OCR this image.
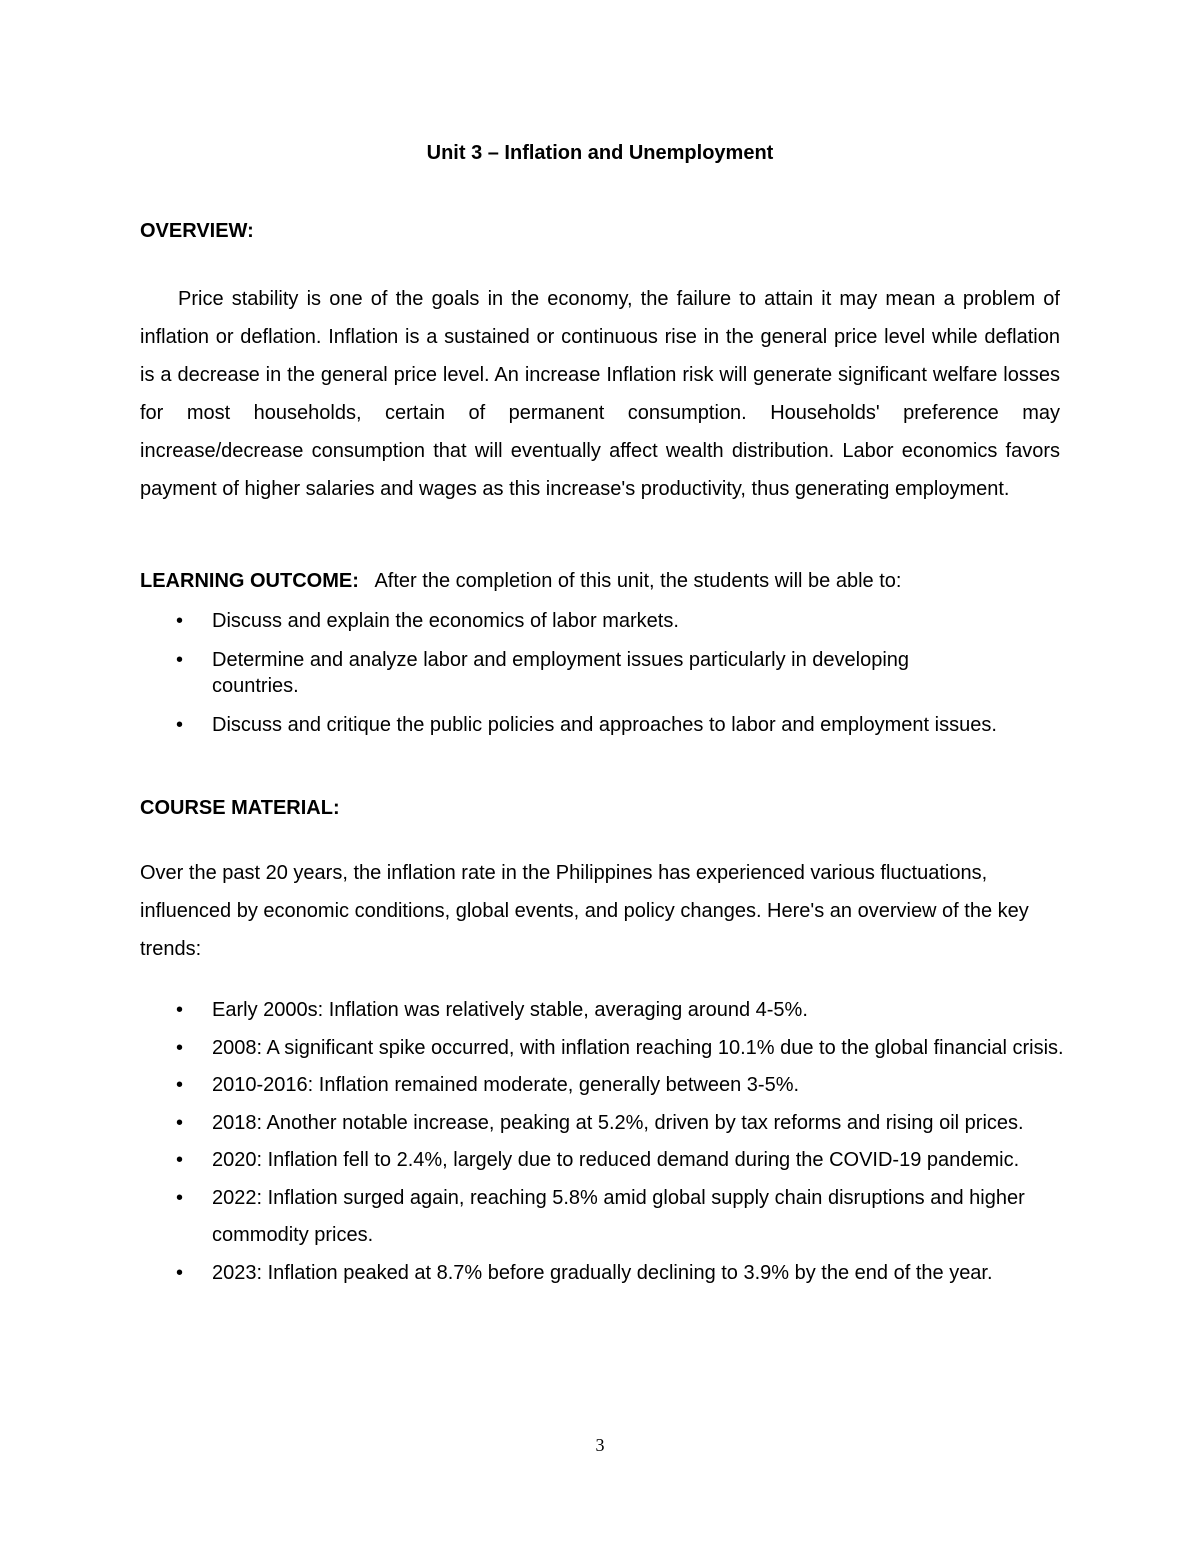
Unit 3 – Inflation and Unemployment
OVERVIEW:
Price stability is one of the goals in the economy, the failure to attain it may mean a problem of inflation or deflation. Inflation is a sustained or continuous rise in the general price level while deflation is a decrease in the general price level. An increase Inflation risk will generate significant welfare losses for most households, certain of permanent consumption. Households' preference may increase/decrease consumption that will eventually affect wealth distribution. Labor economics favors payment of higher salaries and wages as this increase's productivity, thus generating employment.
LEARNING OUTCOME: After the completion of this unit, the students will be able to:
• Discuss and explain the economics of labor markets.
• Determine and analyze labor and employment issues particularly in developing countries.
• Discuss and critique the public policies and approaches to labor and employment issues.
COURSE MATERIAL:
Over the past 20 years, the inflation rate in the Philippines has experienced various fluctuations, influenced by economic conditions, global events, and policy changes. Here's an overview of the key trends:
• Early 2000s: Inflation was relatively stable, averaging around 4-5%.
• 2008: A significant spike occurred, with inflation reaching 10.1% due to the global financial crisis.
• 2010-2016: Inflation remained moderate, generally between 3-5%.
• 2018: Another notable increase, peaking at 5.2%, driven by tax reforms and rising oil prices.
• 2020: Inflation fell to 2.4%, largely due to reduced demand during the COVID-19 pandemic.
• 2022: Inflation surged again, reaching 5.8% amid global supply chain disruptions and higher commodity prices.
• 2023: Inflation peaked at 8.7% before gradually declining to 3.9% by the end of the year.
3
